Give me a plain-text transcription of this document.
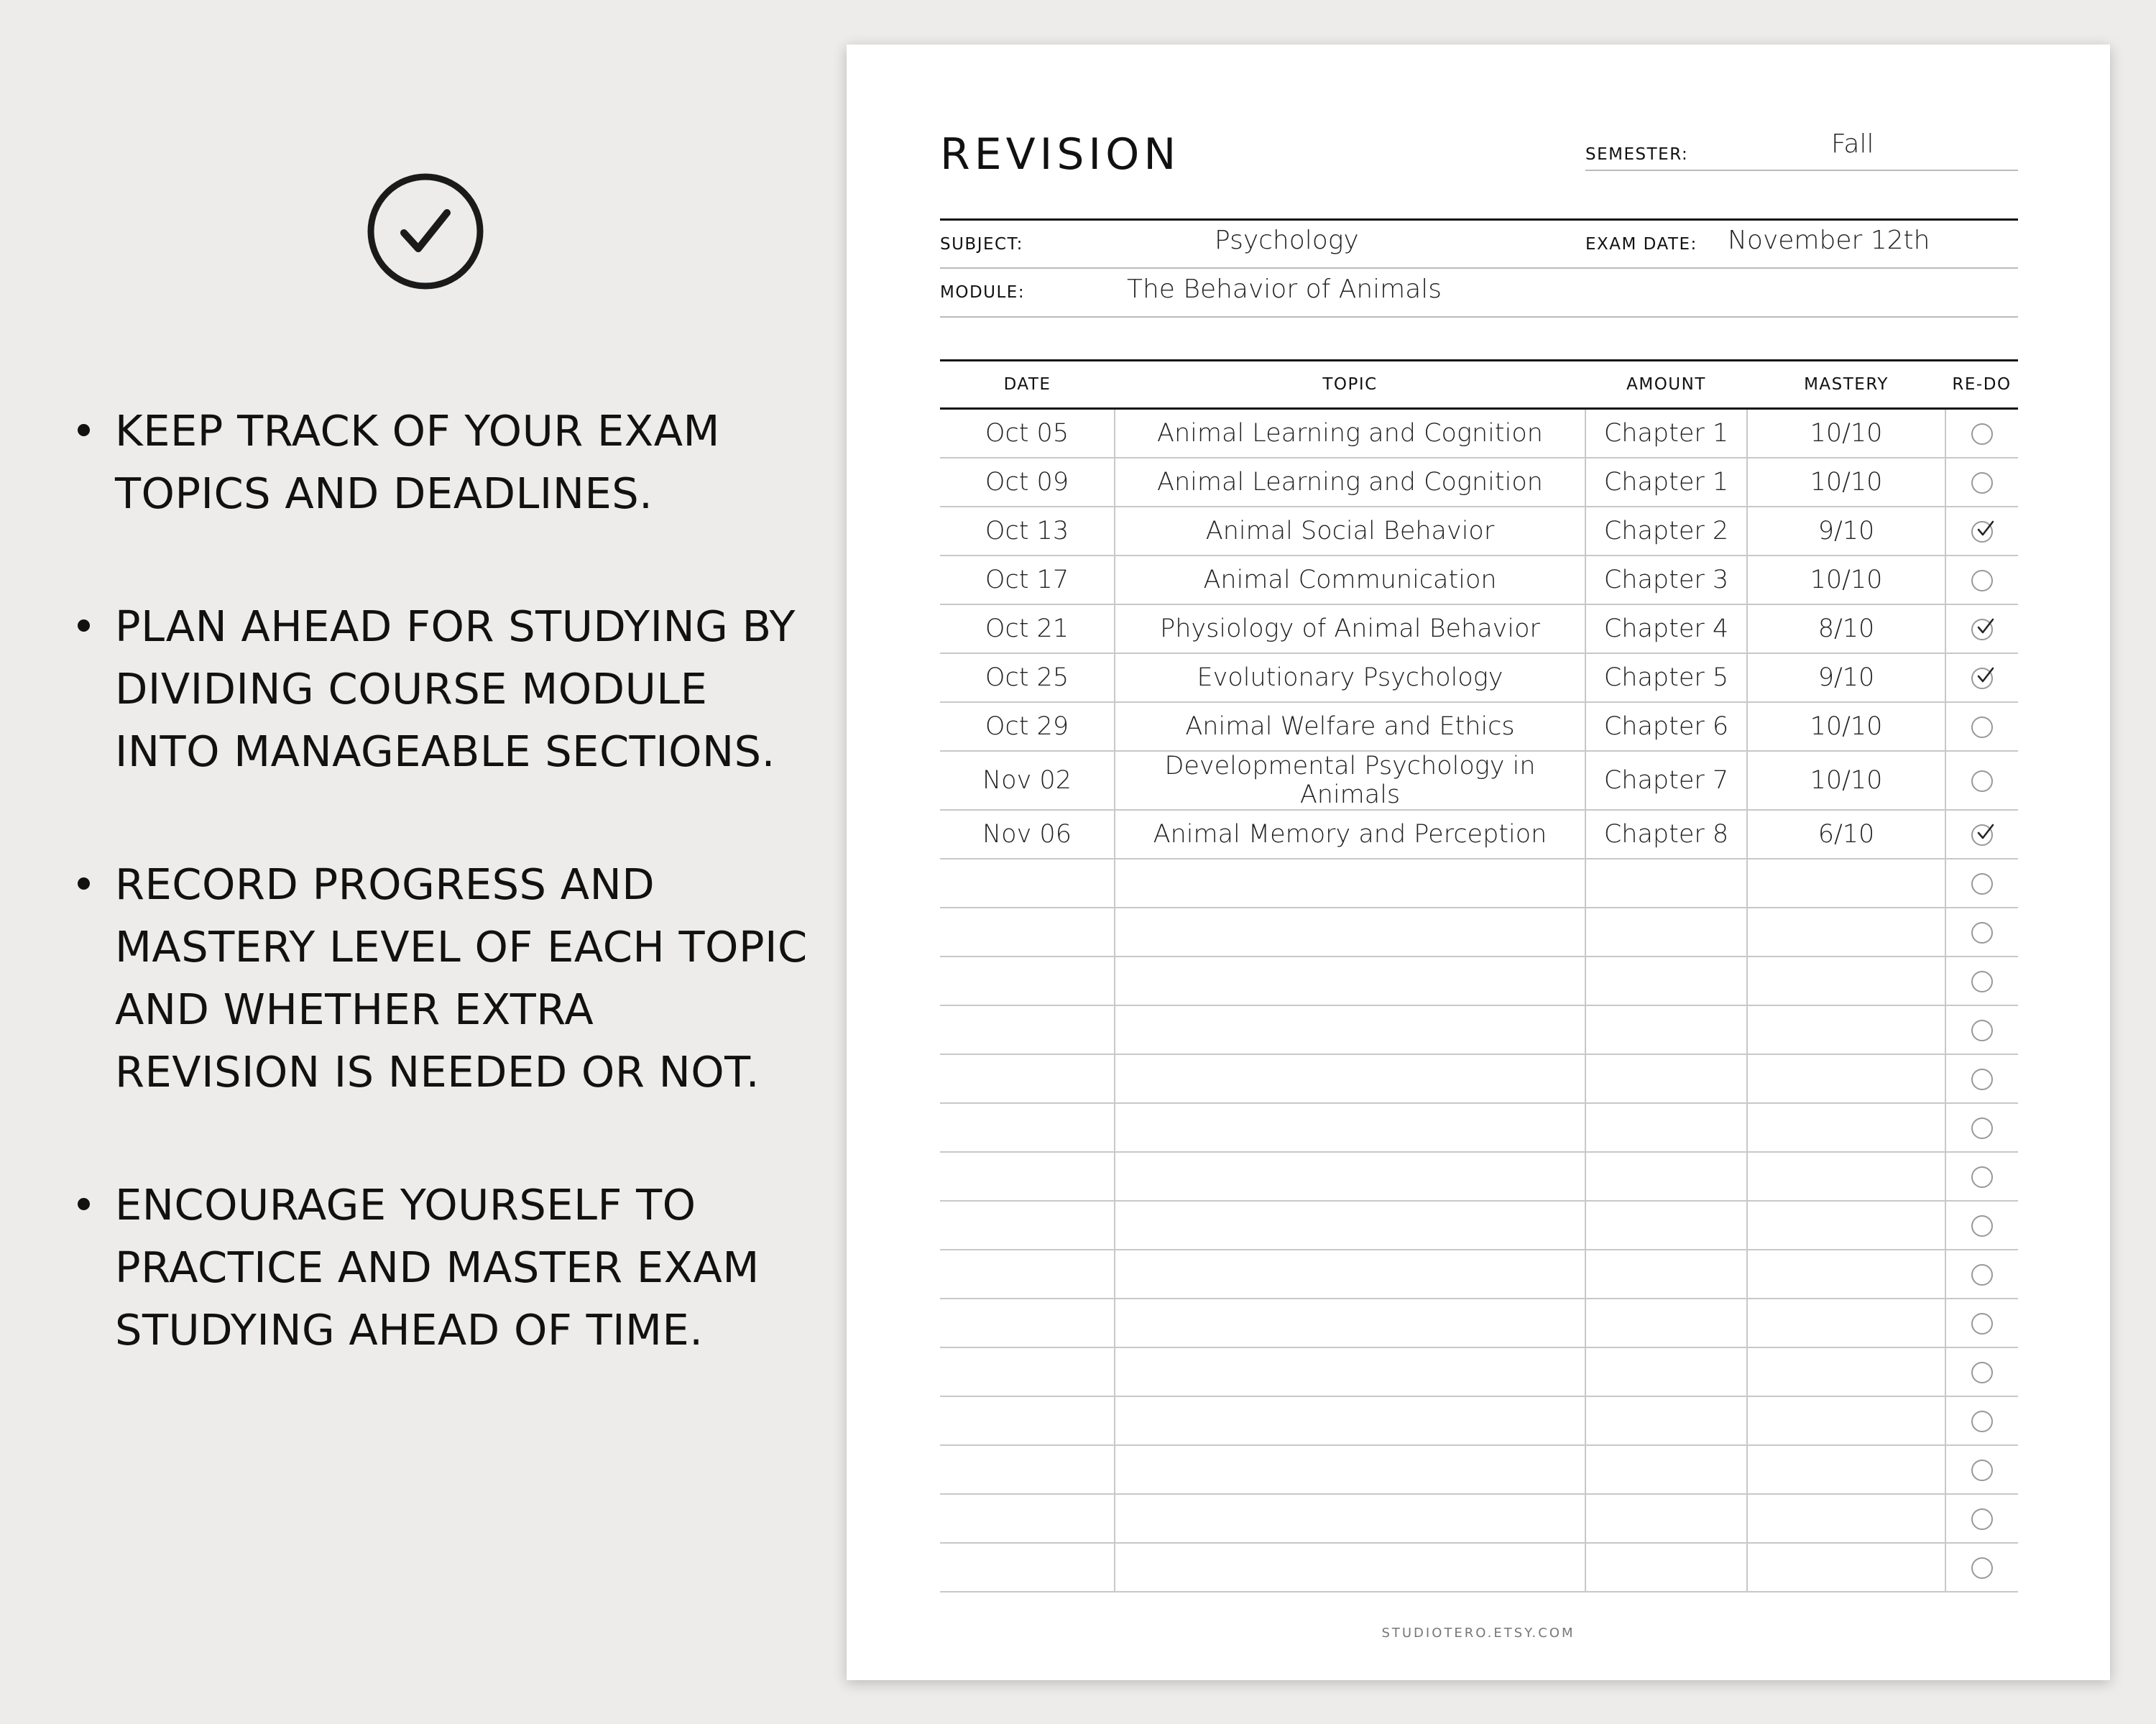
KEEP TRACK OF YOUR EXAM TOPICS AND DEADLINES.
PLAN AHEAD FOR STUDYING BY DIVIDING COURSE MODULE INTO MANAGEABLE SECTIONS.
RECORD PROGRESS AND MASTERY LEVEL OF EACH TOPIC AND WHETHER EXTRA REVISION IS NEEDED OR NOT.
ENCOURAGE YOURSELF TO PRACTICE AND MASTER EXAM STUDYING AHEAD OF TIME.
REVISION	SEMESTER:	Fall
SUBJECT:	Psychology	EXAM DATE: November 12th
MODULE:	The Behavior of Animals
DATE	TOPIC	AMOUNT	MASTERY	RE-DO
Oct 05	Animal Learning and Cognition	Chapter 1	10/10	
Oct 09	Animal Learning and Cognition	Chapter 1	10/10	
Oct 13	Animal Social Behavior	Chapter 2	9/10	

Oct 17	Animal Communication	Chapter 3	10/10	
Oct 21	Physiology of Animal Behavior	Chapter 4	8/10	

Oct 25	Evolutionary Psychology	Chapter 5	9/10	

Oct 29	Animal Welfare and Ethics	Chapter 6	10/10	
Nov 02	Developmental Psychology in Animals	Chapter 7	10/10	
Nov 06	Animal Memory and Perception	Chapter 8	6/10	

STUDIOTERO.ETSY.COM
